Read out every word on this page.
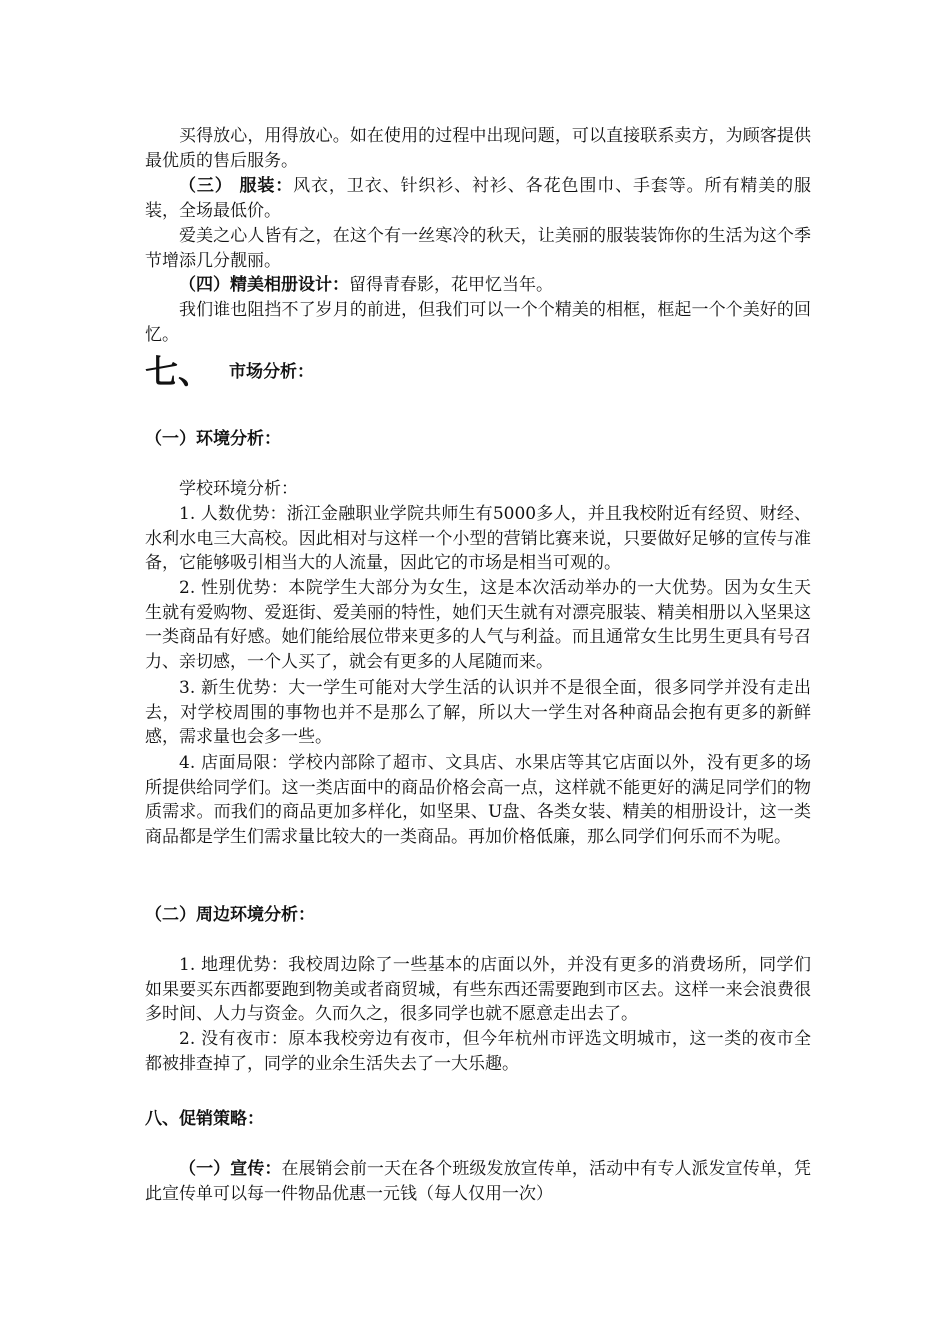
买得放心，用得放心。如在使用的过程中出现问题，可以直接联系卖方，为顾客提供最优质的售后服务。

（三） 服装：风衣，卫衣、针织衫、衬衫、各花色围巾、手套等。所有精美的服装，全场最低价。

爱美之心人皆有之，在这个有一丝寒冷的秋天，让美丽的服装装饰你的生活为这个季节增添几分靓丽。

（四）精美相册设计：留得青春影，花甲忆当年。

我们谁也阻挡不了岁月的前进，但我们可以一个个精美的相框，框起一个个美好的回忆。

七、 市场分析：

（一）环境分析：

学校环境分析：

1. 人数优势：浙江金融职业学院共师生有5000多人，并且我校附近有经贸、财经、水利水电三大高校。因此相对与这样一个小型的营销比赛来说，只要做好足够的宣传与准备，它能够吸引相当大的人流量，因此它的市场是相当可观的。

2. 性别优势：本院学生大部分为女生，这是本次活动举办的一大优势。因为女生天生就有爱购物、爱逛街、爱美丽的特性，她们天生就有对漂亮服装、精美相册以入坚果这一类商品有好感。她们能给展位带来更多的人气与利益。而且通常女生比男生更具有号召力、亲切感，一个人买了，就会有更多的人尾随而来。

3. 新生优势：大一学生可能对大学生活的认识并不是很全面，很多同学并没有走出去，对学校周围的事物也并不是那么了解，所以大一学生对各种商品会抱有更多的新鲜感，需求量也会多一些。

4. 店面局限：学校内部除了超市、文具店、水果店等其它店面以外，没有更多的场所提供给同学们。这一类店面中的商品价格会高一点，这样就不能更好的满足同学们的物质需求。而我们的商品更加多样化，如坚果、U盘、各类女装、精美的相册设计，这一类商品都是学生们需求量比较大的一类商品。再加价格低廉，那么同学们何乐而不为呢。

（二）周边环境分析：

1. 地理优势：我校周边除了一些基本的店面以外，并没有更多的消费场所，同学们如果要买东西都要跑到物美或者商贸城，有些东西还需要跑到市区去。这样一来会浪费很多时间、人力与资金。久而久之，很多同学也就不愿意走出去了。

2. 没有夜市：原本我校旁边有夜市，但今年杭州市评选文明城市，这一类的夜市全都被排查掉了，同学的业余生活失去了一大乐趣。

八、促销策略：

（一）宣传：在展销会前一天在各个班级发放宣传单，活动中有专人派发宣传单，凭此宣传单可以每一件物品优惠一元钱（每人仅用一次）
